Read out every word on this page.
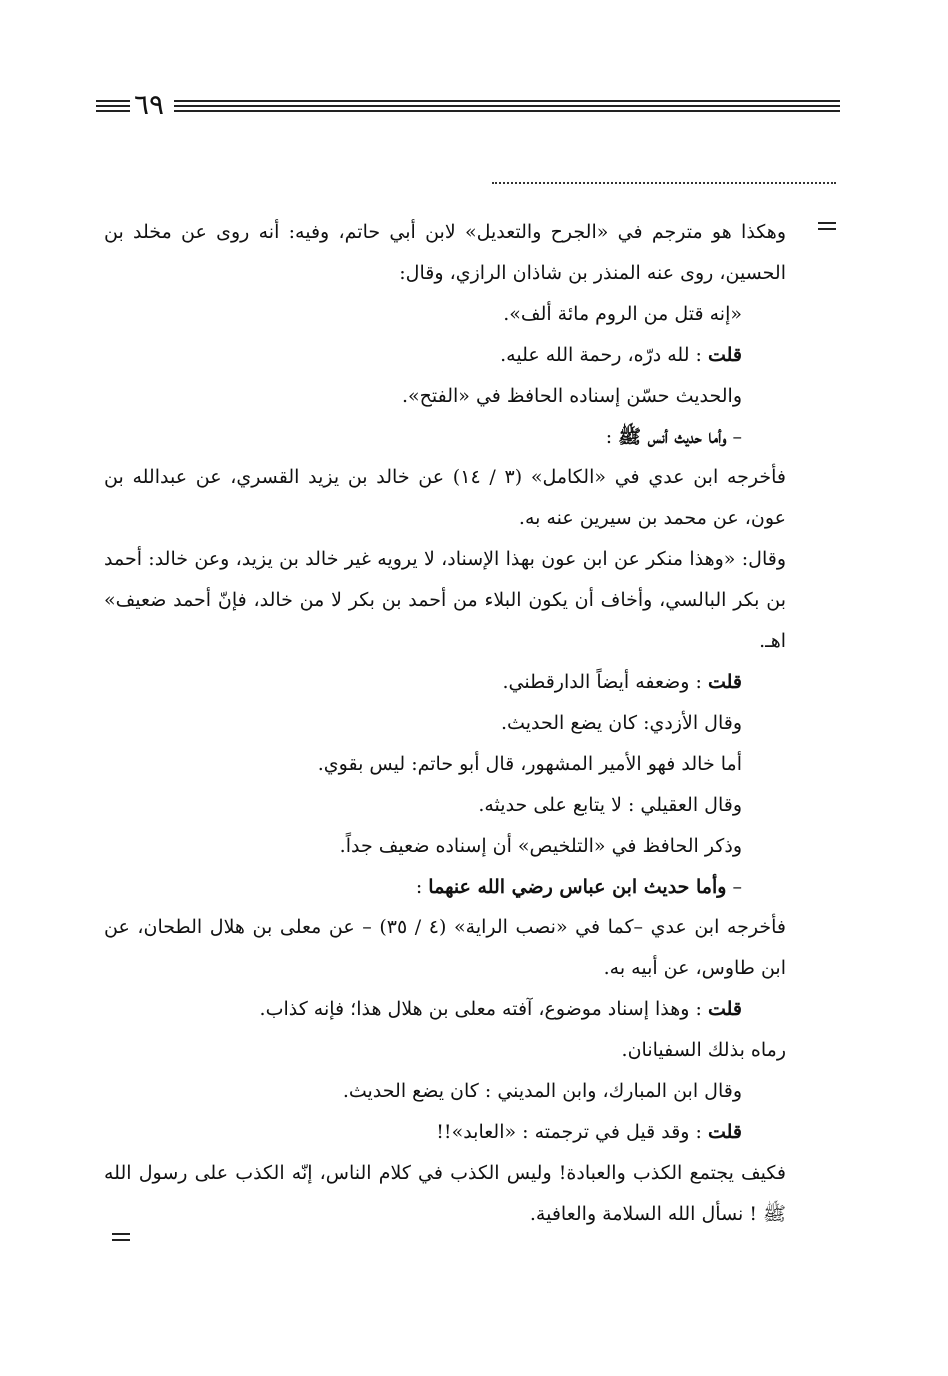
٦٩

وهكذا هو مترجم في «الجرح والتعديل» لابن أبي حاتم، وفيه: أنه روى عن مخلد بن الحسين، روى عنه المنذر بن شاذان الرازي، وقال:

«إنه قتل من الروم مائة ألف».

قلت : لله درّه، رحمة الله عليه.

والحديث حسّن إسناده الحافظ في «الفتح».

– وأما حديث أنس ﷺ :

فأخرجه ابن عدي في «الكامل» (٣ / ١٤) عن خالد بن يزيد القسري، عن عبدالله بن عون، عن محمد بن سيرين عنه به.

وقال: «وهذا منكر عن ابن عون بهذا الإسناد، لا يرويه غير خالد بن يزيد، وعن خالد: أحمد بن بكر البالسي، وأخاف أن يكون البلاء من أحمد بن بكر لا من خالد، فإنّ أحمد ضعيف» اهـ.

قلت : وضعفه أيضاً الدارقطني.

وقال الأزدي: كان يضع الحديث.

أما خالد فهو الأمير المشهور، قال أبو حاتم: ليس بقوي.

وقال العقيلي : لا يتابع على حديثه.

وذكر الحافظ في «التلخيص» أن إسناده ضعيف جداً.

– وأما حديث ابن عباس رضي الله عنهما :

فأخرجه ابن عدي –كما في «نصب الراية» (٤ / ٣٥) – عن معلى بن هلال الطحان، عن ابن طاوس، عن أبيه به.

قلت : وهذا إسناد موضوع، آفته معلى بن هلال هذا؛ فإنه كذاب.

رماه بذلك السفيانان.

وقال ابن المبارك، وابن المديني : كان يضع الحديث.

قلت : وقد قيل في ترجمته : «العابد»!!

فكيف يجتمع الكذب والعبادة! وليس الكذب في كلام الناس، إنّه الكذب على رسول الله ﷺ ! نسأل الله السلامة والعافية.
